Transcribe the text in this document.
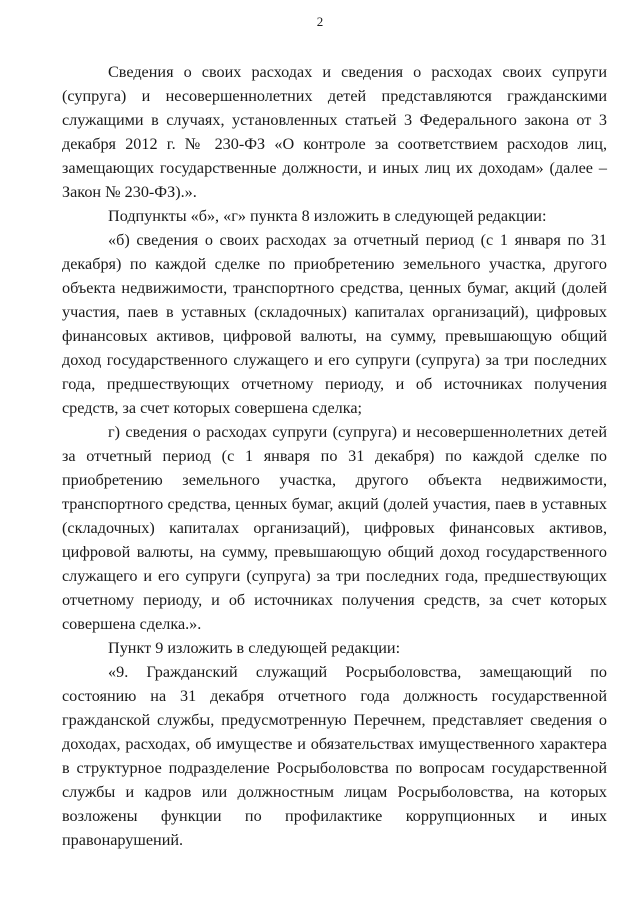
2

Сведения о своих расходах и сведения о расходах своих супруги (супруга) и несовершеннолетних детей представляются гражданскими служащими в случаях, установленных статьей 3 Федерального закона от 3 декабря 2012 г. № 230-ФЗ «О контроле за соответствием расходов лиц, замещающих государственные должности, и иных лиц их доходам» (далее – Закон № 230-ФЗ).».

Подпункты «б», «г» пункта 8 изложить в следующей редакции:

«б) сведения о своих расходах за отчетный период (с 1 января по 31 декабря) по каждой сделке по приобретению земельного участка, другого объекта недвижимости, транспортного средства, ценных бумаг, акций (долей участия, паев в уставных (складочных) капиталах организаций), цифровых финансовых активов, цифровой валюты, на сумму, превышающую общий доход государственного служащего и его супруги (супруга) за три последних года, предшествующих отчетному периоду, и об источниках получения средств, за счет которых совершена сделка;

г) сведения о расходах супруги (супруга) и несовершеннолетних детей за отчетный период (с 1 января по 31 декабря) по каждой сделке по приобретению земельного участка, другого объекта недвижимости, транспортного средства, ценных бумаг, акций (долей участия, паев в уставных (складочных) капиталах организаций), цифровых финансовых активов, цифровой валюты, на сумму, превышающую общий доход государственного служащего и его супруги (супруга) за три последних года, предшествующих отчетному периоду, и об источниках получения средств, за счет которых совершена сделка.».

Пункт 9 изложить в следующей редакции:

«9. Гражданский служащий Росрыболовства, замещающий по состоянию на 31 декабря отчетного года должность государственной гражданской службы, предусмотренную Перечнем, представляет сведения о доходах, расходах, об имуществе и обязательствах имущественного характера в структурное подразделение Росрыболовства по вопросам государственной службы и кадров или должностным лицам Росрыболовства, на которых возложены функции по профилактике коррупционных и иных правонарушений.
